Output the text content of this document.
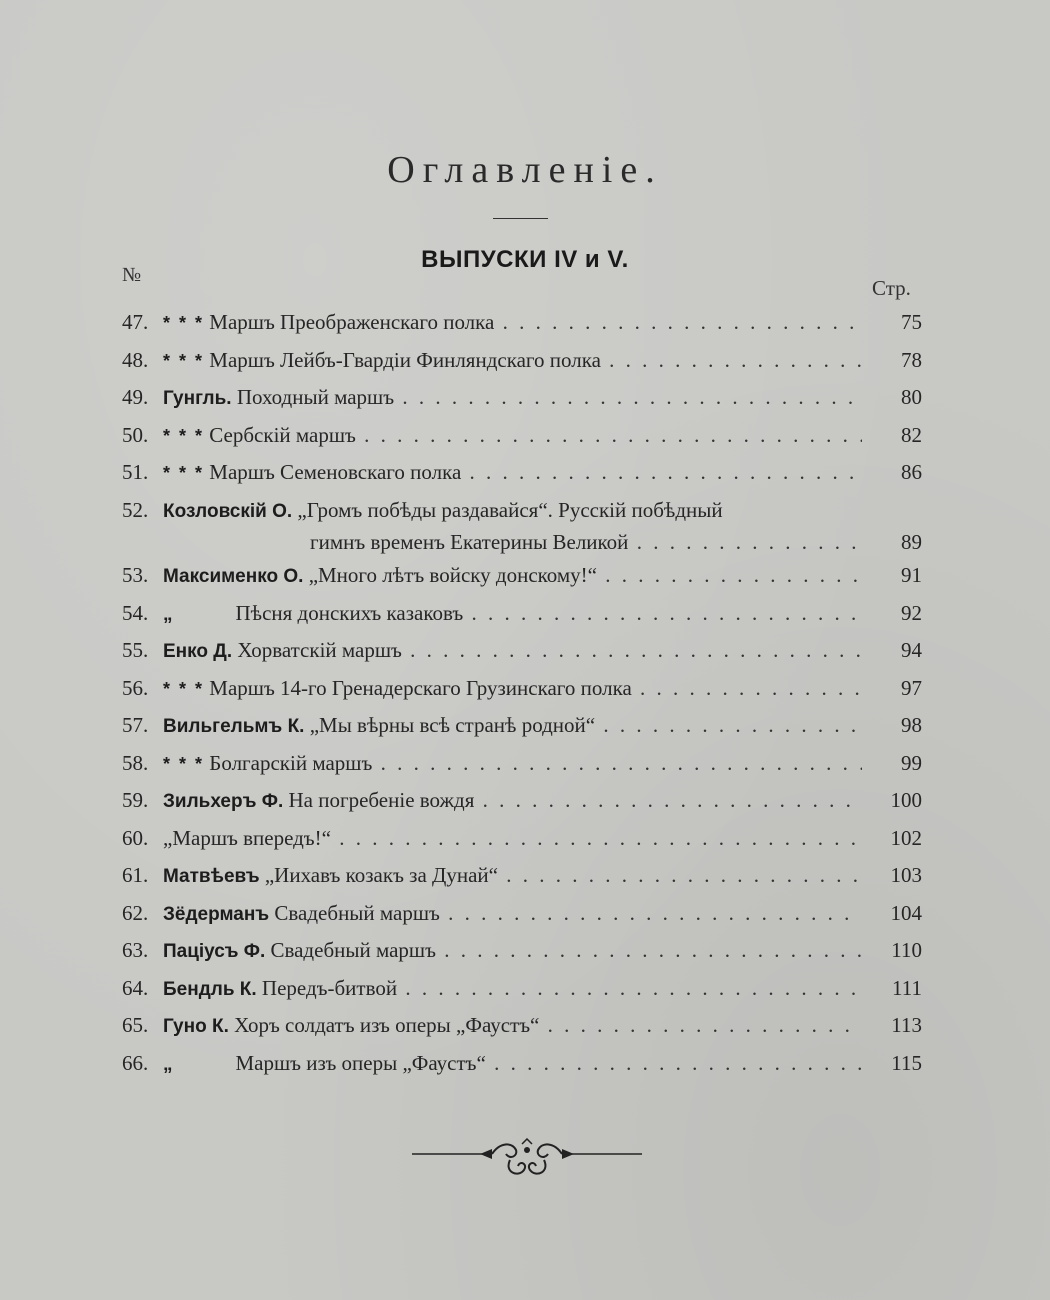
Оглавленіе.
ВЫПУСКИ IV и V.
№
Стр.
47. * * * Маршъ Преображенскаго полка . . .	75
48. * * * Маршъ Лейбъ-Гвардіи Финляндскаго полка . . .	78
49. Гунгль. Походный маршъ . . .	80
50. * * * Сербскій маршъ . . .	82
51. * * * Маршъ Семеновскаго полка . . .	86
52. Козловскій О. „Громъ побѣды раздавайся“. Русскій побѣдный
гимнъ временъ Екатерины Великой . . .	89
53. Максименко О. „Много лѣтъ войску донскому!“ . . .	91
54. „	Пѣсня донскихъ казаковъ . . .	92
55. Енко Д. Хорватскій маршъ . . .	94
56. * * * Маршъ 14-го Гренадерскаго Грузинскаго полка . . .	97
57. Вильгельмъ К. „Мы вѣрны всѣ странѣ родной“ . . .	98
58. * * * Болгарскій маршъ . . .	99
59. Зильхеръ Ф. На погребеніе вождя . . .	100
60. „Маршъ впередъ!“ . . .	102
61. Матвѣевъ „Иихавъ козакъ за Дунай“ . . .	103
62. Зёдерманъ Свадебный маршъ . . .	104
63. Пацiусъ Ф. Свадебный маршъ . . .	110
64. Бендль К. Передъ-битвой . . .	111
65. Гуно К. Хоръ солдатъ изъ оперы „Фаустъ“ . . .	113
66. „	Маршъ изъ оперы „Фаустъ“ . . .	115
